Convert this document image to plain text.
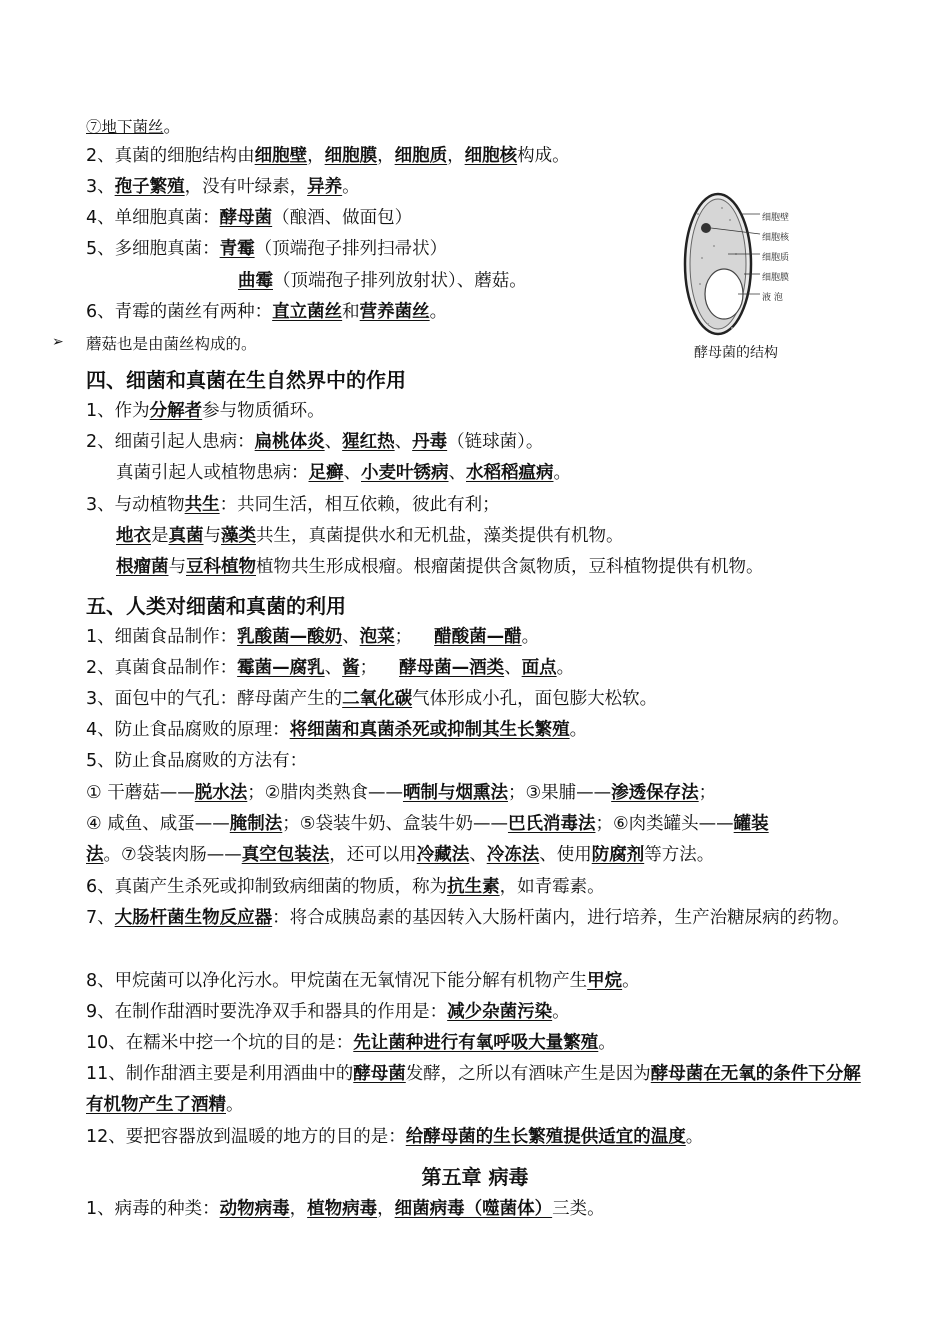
⑦地下菌丝。
2、真菌的细胞结构由细胞壁，细胞膜，细胞质，细胞核构成。
3、孢子繁殖，没有叶绿素，异养。
4、单细胞真菌：酵母菌（酿酒、做面包）
5、多细胞真菌：青霉（顶端孢子排列扫帚状）
曲霉（顶端孢子排列放射状）、蘑菇。
6、青霉的菌丝有两种：直立菌丝和营养菌丝。
➢ 蘑菇也是由菌丝构成的。
细胞壁
细胞核
细胞质
细胞膜
液 泡
酵母菌的结构
四、细菌和真菌在生自然界中的作用
1、作为分解者参与物质循环。
2、细菌引起人患病：扁桃体炎、猩红热、丹毒（链球菌）。
真菌引起人或植物患病：足癣、小麦叶锈病、水稻稻瘟病。
3、与动植物共生：共同生活，相互依赖，彼此有利；
地衣是真菌与藻类共生，真菌提供水和无机盐，藻类提供有机物。
根瘤菌与豆科植物植物共生形成根瘤。根瘤菌提供含氮物质，豆科植物提供有机物。
五、人类对细菌和真菌的利用
1、细菌食品制作：乳酸菌—酸奶、泡菜； 醋酸菌—醋。
2、真菌食品制作：霉菌—腐乳、酱； 酵母菌—酒类、面点。
3、面包中的气孔：酵母菌产生的二氧化碳气体形成小孔，面包膨大松软。
4、防止食品腐败的原理：将细菌和真菌杀死或抑制其生长繁殖。
5、防止食品腐败的方法有：
① 干蘑菇——脱水法；②腊肉类熟食——晒制与烟熏法；③果脯——渗透保存法；
④ 咸鱼、咸蛋——腌制法；⑤袋装牛奶、盒装牛奶——巴氏消毒法；⑥肉类罐头——罐装
法。⑦袋装肉肠——真空包装法，还可以用冷藏法、冷冻法、使用防腐剂等方法。
6、真菌产生杀死或抑制致病细菌的物质，称为抗生素，如青霉素。
7、大肠杆菌生物反应器：将合成胰岛素的基因转入大肠杆菌内，进行培养，生产治糖尿病的药物。
8、甲烷菌可以净化污水。甲烷菌在无氧情况下能分解有机物产生甲烷。
9、在制作甜酒时要洗净双手和器具的作用是：减少杂菌污染。
10、在糯米中挖一个坑的目的是：先让菌种进行有氧呼吸大量繁殖。
11、制作甜酒主要是利用酒曲中的酵母菌发酵，之所以有酒味产生是因为酵母菌在无氧的条件下分解有机物产生了酒精。
12、要把容器放到温暖的地方的目的是：给酵母菌的生长繁殖提供适宜的温度。
第五章 病毒
1、病毒的种类：动物病毒，植物病毒，细菌病毒（噬菌体）三类。
